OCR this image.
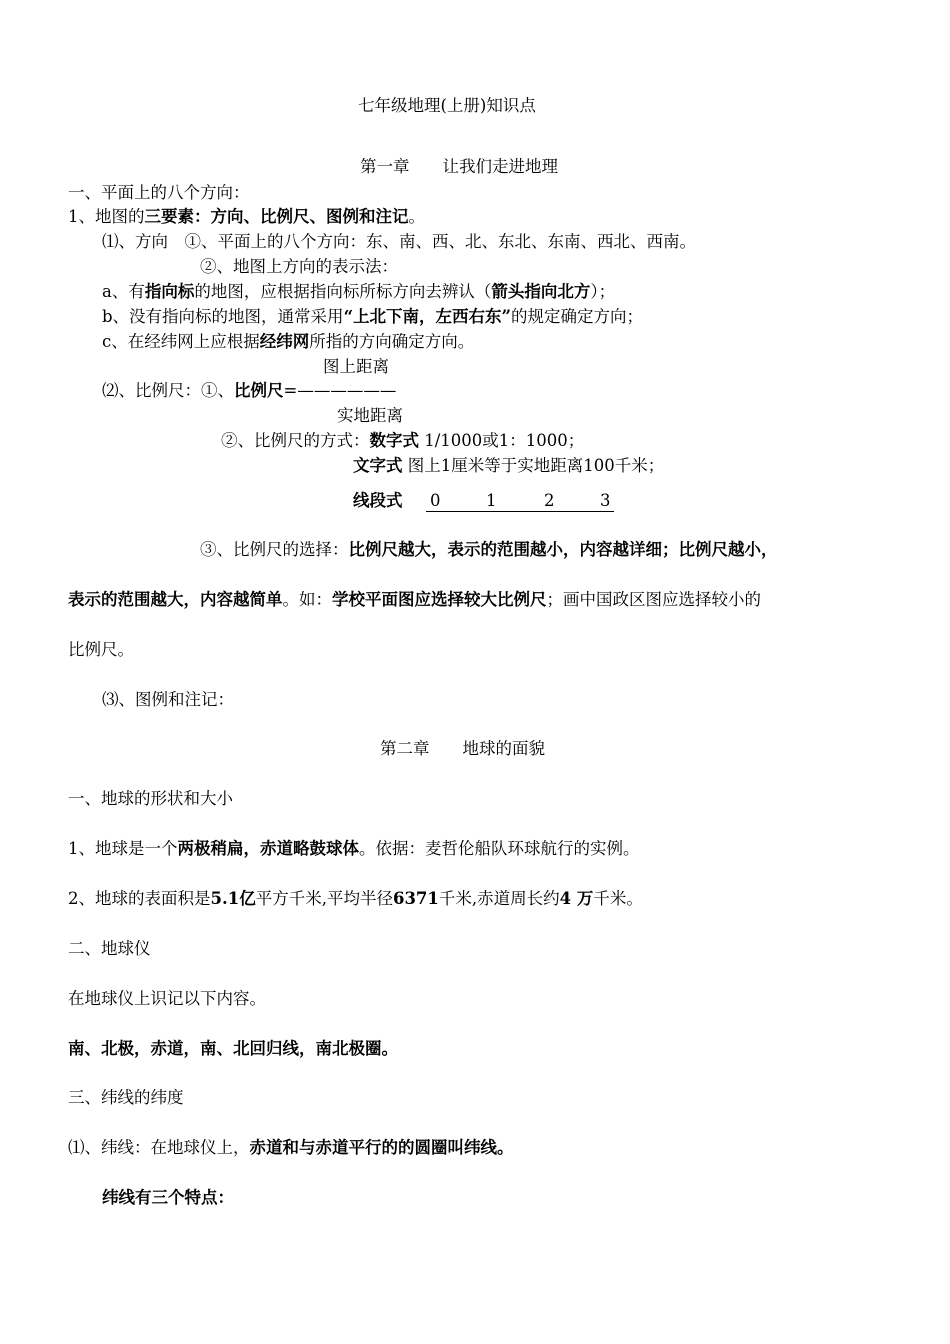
七年级地理(上册)知识点
第一章　　让我们走进地理
一、平面上的八个方向：
1、地图的三要素：方向、比例尺、图例和注记。
⑴、方向　①、平面上的八个方向：东、南、西、北、东北、东南、西北、西南。
②、地图上方向的表示法：
a、有指向标的地图，应根据指向标所标方向去辨认（箭头指向北方）；
b、没有指向标的地图，通常采用“上北下南，左西右东”的规定确定方向；
c、在经纬网上应根据经纬网所指的方向确定方向。
图上距离
⑵、比例尺：①、比例尺=——————
实地距离
②、比例尺的方式：数字式 1/1000或1：1000；
文字式 图上1厘米等于实地距离100千米；
线段式 0	1	2	3
③、比例尺的选择：比例尺越大，表示的范围越小，内容越详细；比例尺越小，
表示的范围越大，内容越简单。如：学校平面图应选择较大比例尺；画中国政区图应选择较小的
比例尺。
⑶、图例和注记：
第二章　　地球的面貌
一、地球的形状和大小
1、地球是一个两极稍扁，赤道略鼓球体。依据：麦哲伦船队环球航行的实例。
2、地球的表面积是5.1亿平方千米,平均半径6371千米,赤道周长约4 万千米。
二、地球仪
在地球仪上识记以下内容。
南、北极，赤道，南、北回归线，南北极圈。
三、纬线的纬度
⑴、纬线：在地球仪上，赤道和与赤道平行的的圆圈叫纬线。
纬线有三个特点：
